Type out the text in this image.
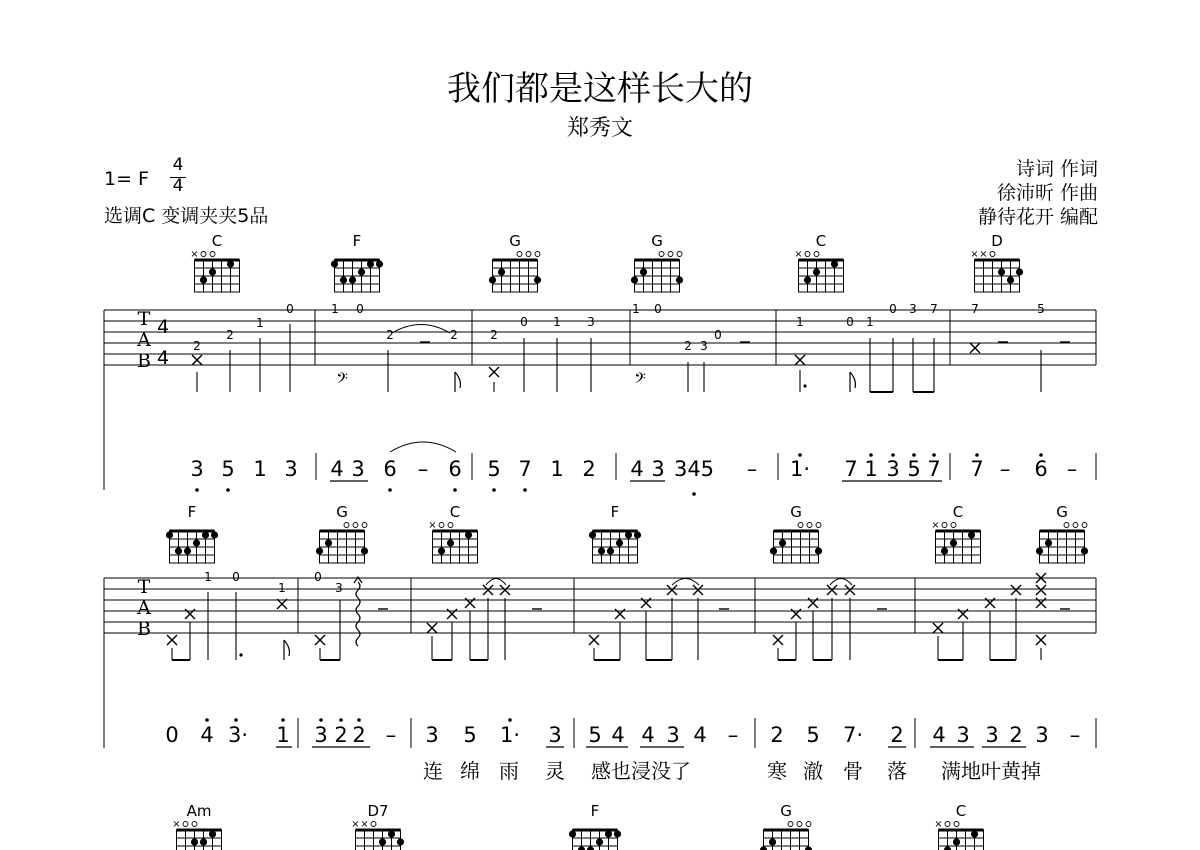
我们都是这样长大的
郑秀文
1= F
4
4
选调C 变调夹夹5品
诗词 作词
徐沛昕 作曲
静待花开 编配
C
×
F	G	G	C
×
D
× ×
T
A
B
4
4
0
2
1
2
1 0
2	2	2
0 1 3
1 0
2 3
0
1	0 1
0 3 7	7	5
𝄢	𝄢
3 5 1 3 4 3 6 – 6 5 7 1 2 4 3 345 – 1· 7 1 3 5 7 7 – 6 –
F	G	C
×
F	G	C
×
G
T
A
B
1 0
1
0
3
0 4 3· 1 3 2 2 – 3 5 1· 3 5 4 4 3 4 – 2 5 7· 2 4 3 3 2 3 –
连 绵 雨 灵 感也浸没了	寒 澈 骨 落 满地叶黄掉
Am
×
D7
× ×
F	G	C
×
